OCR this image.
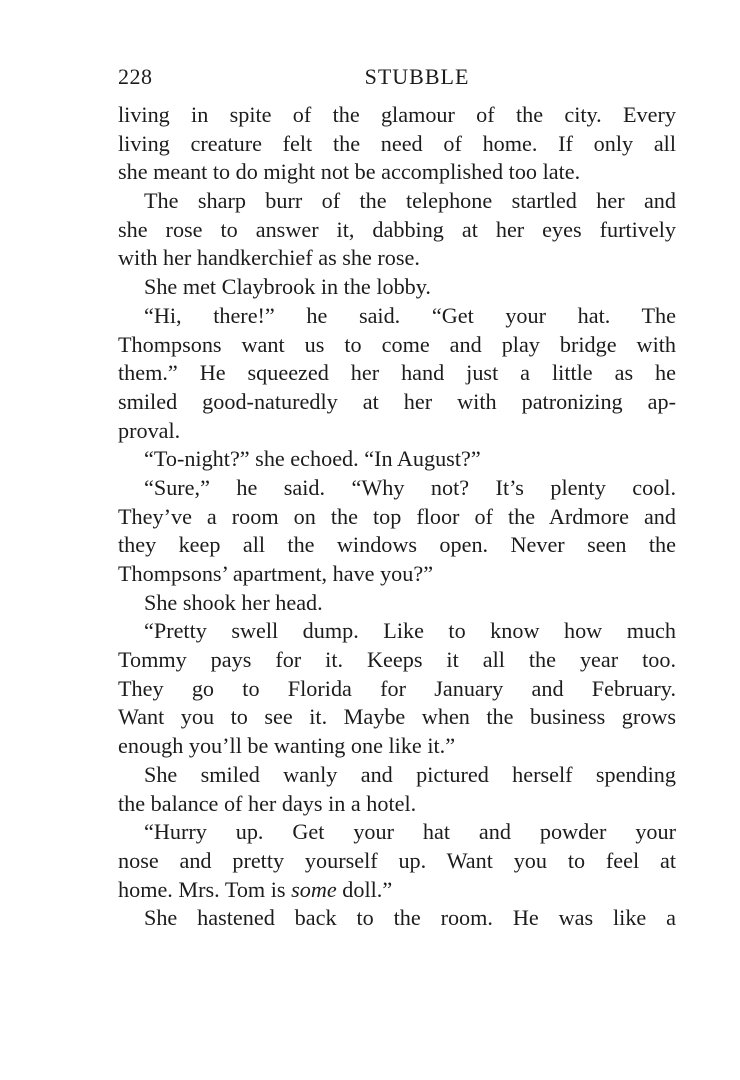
228	STUBBLE
living in spite of the glamour of the city. Every
living creature felt the need of home. If only all
she meant to do might not be accomplished too late.
The sharp burr of the telephone startled her and
she rose to answer it, dabbing at her eyes furtively
with her handkerchief as she rose.
She met Claybrook in the lobby.
“Hi, there!” he said. “Get your hat. The
Thompsons want us to come and play bridge with
them.” He squeezed her hand just a little as he
smiled good-naturedly at her with patronizing ap-
proval.
“To-night?” she echoed. “In August?”
“Sure,” he said. “Why not? It’s plenty cool.
They’ve a room on the top floor of the Ardmore and
they keep all the windows open. Never seen the
Thompsons’ apartment, have you?”
She shook her head.
“Pretty swell dump. Like to know how much
Tommy pays for it. Keeps it all the year too.
They go to Florida for January and February.
Want you to see it. Maybe when the business grows
enough you’ll be wanting one like it.”
She smiled wanly and pictured herself spending
the balance of her days in a hotel.
“Hurry up. Get your hat and powder your
nose and pretty yourself up. Want you to feel at
home. Mrs. Tom is some doll.”
She hastened back to the room. He was like a
